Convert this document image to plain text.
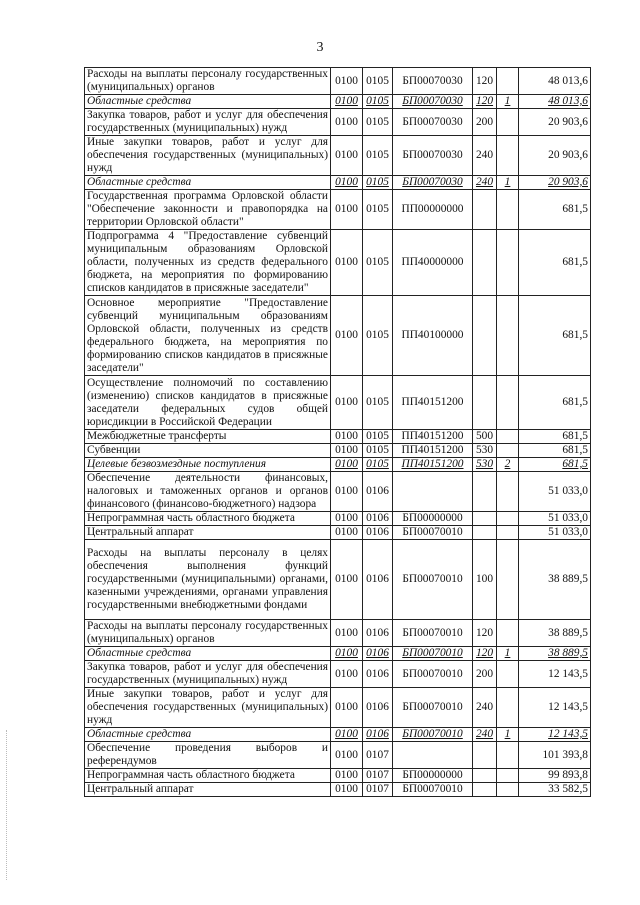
3
Расходы на выплаты персоналу государственных (муниципальных) органов	0100	0105	БП00070030	120		48 013,6
Областные средства	0100	0105	БП00070030	120	1	48 013,6
Закупка товаров, работ и услуг для обеспечения государственных (муниципальных) нужд	0100	0105	БП00070030	200		20 903,6
Иные закупки товаров, работ и услуг для обеспечения государственных (муниципальных) нужд	0100	0105	БП00070030	240		20 903,6
Областные средства	0100	0105	БП00070030	240	1	20 903,6
Государственная программа Орловской области "Обеспечение законности и правопорядка на территории Орловской области"	0100	0105	ПП00000000			681,5
Подпрограмма 4 "Предоставление субвенций муниципальным образованиям Орловской области, полученных из средств федерального бюджета, на мероприятия по формированию списков кандидатов в присяжные заседатели"	0100	0105	ПП40000000			681,5
Основное мероприятие "Предоставление субвенций муниципальным образованиям Орловской области, полученных из средств федерального бюджета, на мероприятия по формированию списков кандидатов в присяжные заседатели"	0100	0105	ПП40100000			681,5
Осуществление полномочий по составлению (изменению) списков кандидатов в присяжные заседатели федеральных судов общей юрисдикции в Российской Федерации	0100	0105	ПП40151200			681,5
Межбюджетные трансферты	0100	0105	ПП40151200	500		681,5
Субвенции	0100	0105	ПП40151200	530		681,5
Целевые безвозмездные поступления	0100	0105	ПП40151200	530	2	681,5
Обеспечение деятельности финансовых, налоговых и таможенных органов и органов финансового (финансово-бюджетного) надзора	0100	0106				51 033,0
Непрограммная часть областного бюджета	0100	0106	БП00000000			51 033,0
Центральный аппарат	0100	0106	БП00070010			51 033,0
Расходы на выплаты персоналу в целях обеспечения выполнения функций государственными (муниципальными) органами, казенными учреждениями, органами управления государственными внебюджетными фондами	0100	0106	БП00070010	100		38 889,5
Расходы на выплаты персоналу государственных (муниципальных) органов	0100	0106	БП00070010	120		38 889,5
Областные средства	0100	0106	БП00070010	120	1	38 889,5
Закупка товаров, работ и услуг для обеспечения государственных (муниципальных) нужд	0100	0106	БП00070010	200		12 143,5
Иные закупки товаров, работ и услуг для обеспечения государственных (муниципальных) нужд	0100	0106	БП00070010	240		12 143,5
Областные средства	0100	0106	БП00070010	240	1	12 143,5
Обеспечение проведения выборов и референдумов	0100	0107				101 393,8
Непрограммная часть областного бюджета	0100	0107	БП00000000			99 893,8
Центральный аппарат	0100	0107	БП00070010			33 582,5
